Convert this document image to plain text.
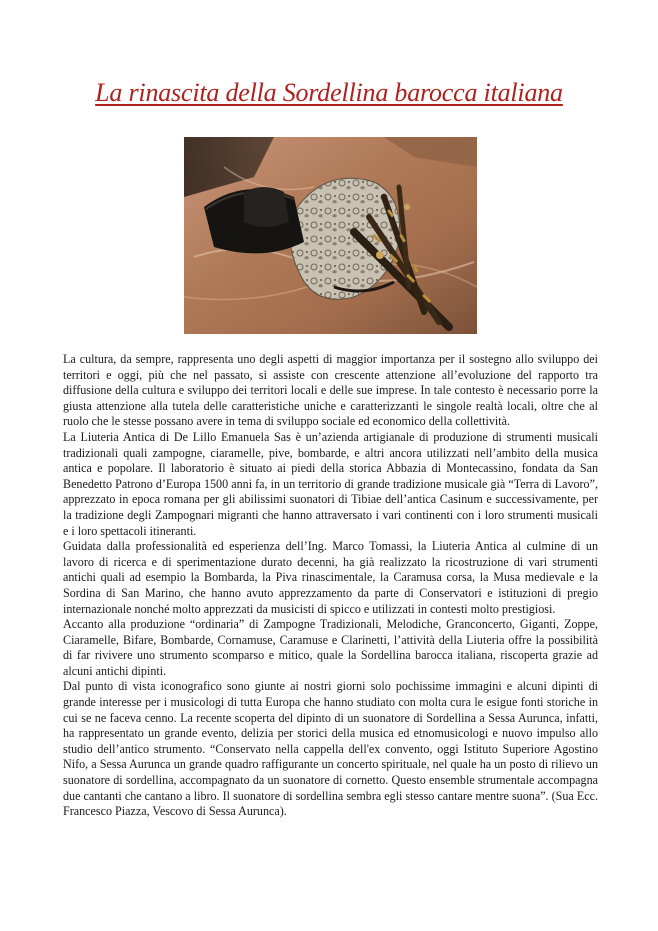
La rinascita della Sordellina barocca italiana

La cultura, da sempre, rappresenta uno degli aspetti di maggior importanza per il sostegno allo sviluppo dei territori e oggi, più che nel passato, si assiste con crescente attenzione all’evoluzione del rapporto tra diffusione della cultura e sviluppo dei territori locali e delle sue imprese. In tale contesto è necessario porre la giusta attenzione alla tutela delle caratteristiche uniche e caratterizzanti le singole realtà locali, oltre che al ruolo che le stesse possano avere in tema di sviluppo sociale ed economico della collettività.

La Liuteria Antica di De Lillo Emanuela Sas è un’azienda artigianale di produzione di strumenti musicali tradizionali quali zampogne, ciaramelle, pive, bombarde, e altri ancora utilizzati nell’ambito della musica antica e popolare. Il laboratorio è situato ai piedi della storica Abbazia di Montecassino, fondata da San Benedetto Patrono d’Europa 1500 anni fa, in un territorio di grande tradizione musicale già “Terra di Lavoro”, apprezzato in epoca romana per gli abilissimi suonatori di Tibiae dell’antica Casinum e successivamente, per la tradizione degli Zampognari migranti che hanno attraversato i vari continenti con i loro strumenti musicali e i loro spettacoli itineranti.

Guidata dalla professionalità ed esperienza dell’Ing. Marco Tomassi, la Liuteria Antica al culmine di un lavoro di ricerca e di sperimentazione durato decenni, ha già realizzato la ricostruzione di vari strumenti antichi quali ad esempio la Bombarda, la Piva rinascimentale, la Caramusa corsa, la Musa medievale e la Sordina di San Marino, che hanno avuto apprezzamento da parte di Conservatori e istituzioni di pregio internazionale nonché molto apprezzati da musicisti di spicco e utilizzati in contesti molto prestigiosi.

Accanto alla produzione “ordinaria” di Zampogne Tradizionali, Melodiche, Granconcerto, Giganti, Zoppe, Ciaramelle, Bifare, Bombarde, Cornamuse, Caramuse e Clarinetti, l’attività della Liuteria offre la possibilità di far rivivere uno strumento scomparso e mitico, quale la Sordellina barocca italiana, riscoperta grazie ad alcuni antichi dipinti.

Dal punto di vista iconografico sono giunte ai nostri giorni solo pochissime immagini e alcuni dipinti di grande interesse per i musicologi di tutta Europa che hanno studiato con molta cura le esigue fonti storiche in cui se ne faceva cenno. La recente scoperta del dipinto di un suonatore di Sordellina a Sessa Aurunca, infatti, ha rappresentato un grande evento, delizia per storici della musica ed etnomusicologi e nuovo impulso allo studio dell’antico strumento. “Conservato nella cappella dell'ex convento, oggi Istituto Superiore Agostino Nifo, a Sessa Aurunca un grande quadro raffigurante un concerto spirituale, nel quale ha un posto di rilievo un suonatore di sordellina, accompagnato da un suonatore di cornetto. Questo ensemble strumentale accompagna due cantanti che cantano a libro. Il suonatore di sordellina sembra egli stesso cantare mentre suona”. (Sua Ecc. Francesco Piazza, Vescovo di Sessa Aurunca).
